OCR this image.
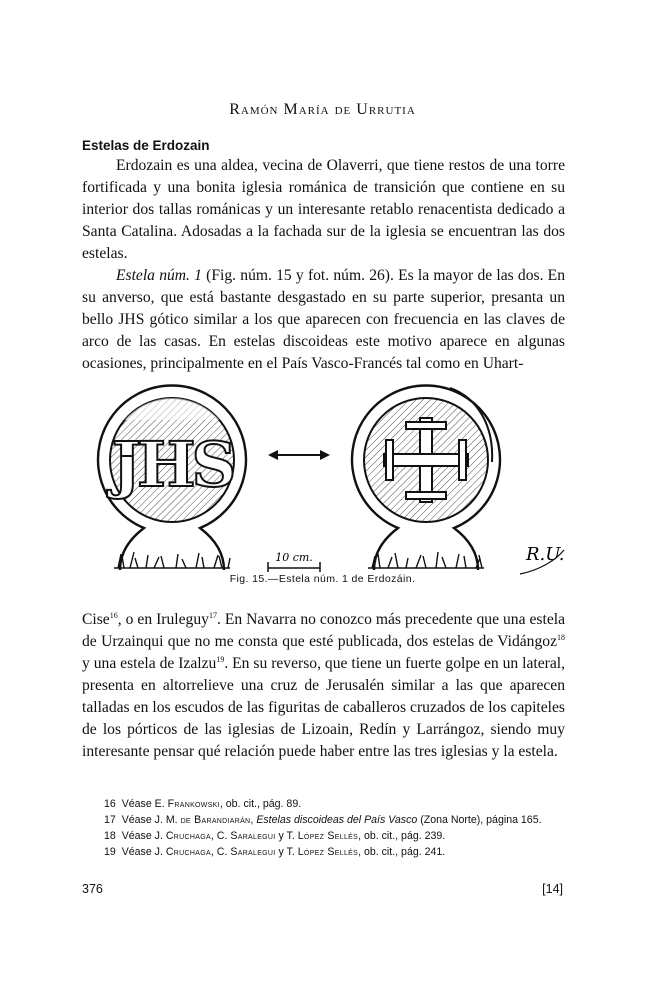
Ramón María de Urrutia
Estelas de Erdozain

Erdozain es una aldea, vecina de Olaverri, que tiene restos de una torre fortificada y una bonita iglesia románica de transición que contiene en su interior dos tallas románicas y un interesante retablo renacentista dedicado a Santa Catalina. Adosadas a la fachada sur de la iglesia se encuentran las dos estelas.

Estela núm. 1 (Fig. núm. 15 y fot. núm. 26). Es la mayor de las dos. En su anverso, que está bastante desgastado en su parte superior, presanta un bello JHS gótico similar a los que aparecen con frecuencia en las claves de arco de las casas. En estelas discoideas este motivo aparece en algunas ocasiones, principalmente en el País Vasco-Francés tal como en Uhart-

JHS
10 cm.	R.U.
Fig. 15.—Estela núm. 1 de Erdozáin.

Cise$^{16}$, o en Iruleguy$^{17}$. En Navarra no conozco más precedente que una estela de Urzainqui que no me consta que esté publicada, dos estelas de Vidángoz$^{18}$ y una estela de Izalzu$^{19}$. En su reverso, que tiene un fuerte golpe en un lateral, presenta en altorrelieve una cruz de Jerusalén similar a las que aparecen talladas en los escudos de las figuritas de caballeros cruzados de los capiteles de los pórticos de las iglesias de Lizoain, Redín y Larrángoz, siendo muy interesante pensar qué relación puede haber entre las tres iglesias y la estela.

16 Véase E. Frankowski, ob. cit., pág. 89.

17 Véase J. M. de Barandiarán, Estelas discoideas del País Vasco (Zona Norte), página 165.

18 Véase J. Cruchaga, C. Saralegui y T. López Sellés, ob. cit., pág. 239.

19 Véase J. Cruchaga, C. Saralegui y T. López Sellés, ob. cit., pág. 241.

376	[14]
